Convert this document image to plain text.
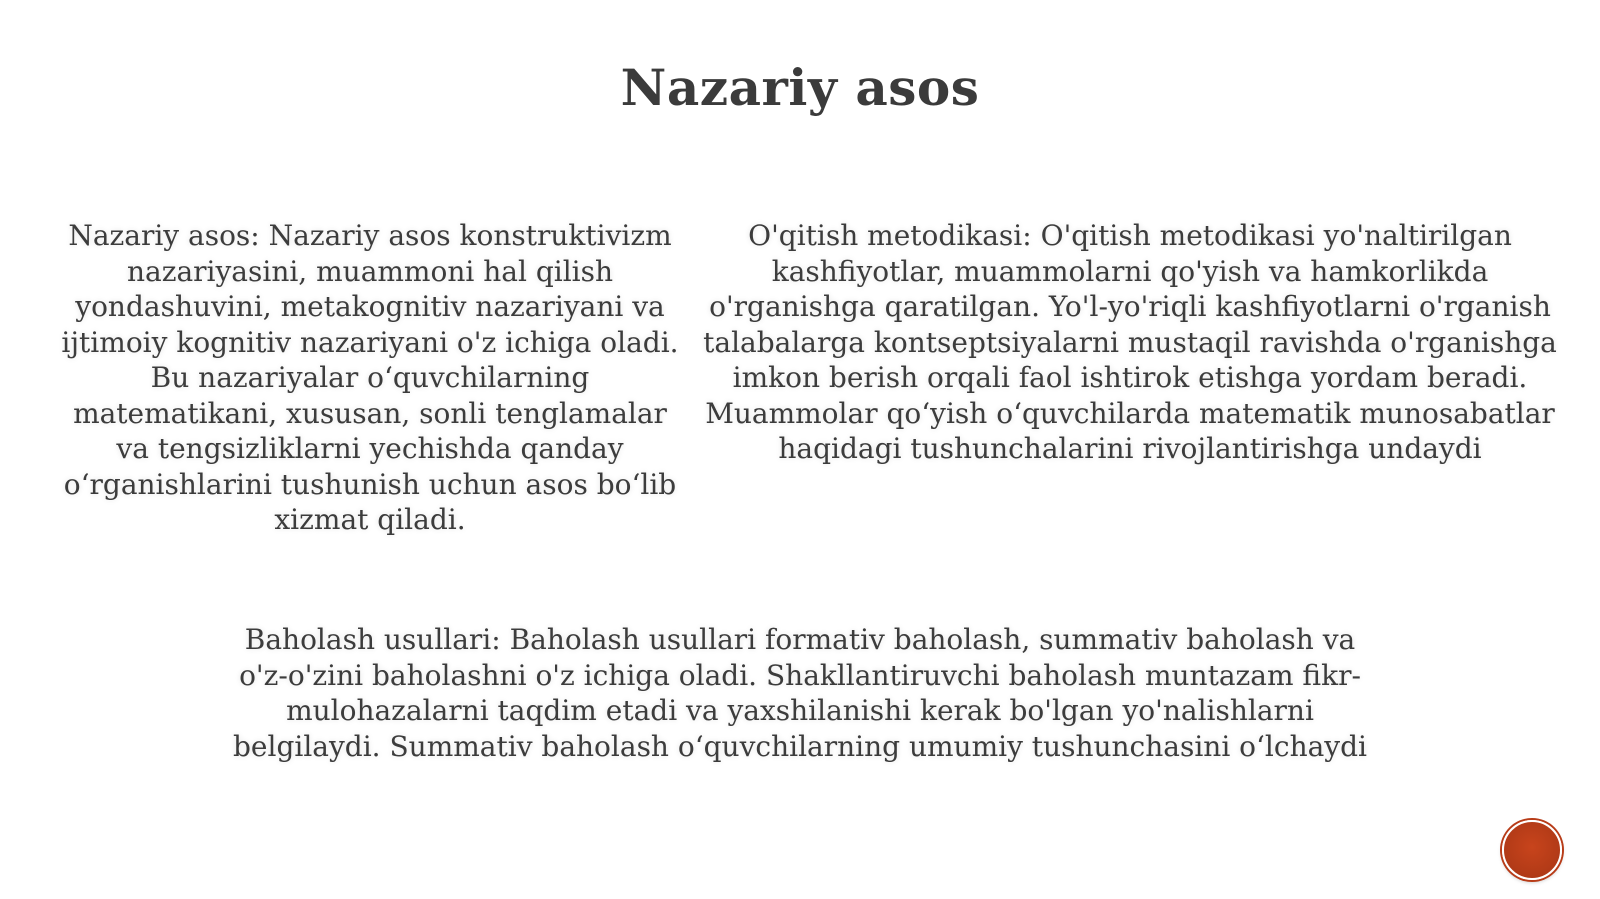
Nazariy asos

Nazariy asos: Nazariy asos konstruktivizm nazariyasini, muammoni hal qilish yondashuvini, metakognitiv nazariyani va ijtimoiy kognitiv nazariyani o'z ichiga oladi. Bu nazariyalar o‘quvchilarning matematikani, xususan, sonli tenglamalar va tengsizliklarni yechishda qanday o‘rganishlarini tushunish uchun asos bo‘lib xizmat qiladi.

O'qitish metodikasi: O'qitish metodikasi yo'naltirilgan kashfiyotlar, muammolarni qo'yish va hamkorlikda o'rganishga qaratilgan. Yo'l-yo'riqli kashfiyotlarni o'rganish talabalarga kontseptsiyalarni mustaqil ravishda o'rganishga imkon berish orqali faol ishtirok etishga yordam beradi. Muammolar qo‘yish o‘quvchilarda matematik munosabatlar haqidagi tushunchalarini rivojlantirishga undaydi

Baholash usullari: Baholash usullari formativ baholash, summativ baholash va o'z-o'zini baholashni o'z ichiga oladi. Shakllantiruvchi baholash muntazam fikr-mulohazalarni taqdim etadi va yaxshilanishi kerak bo'lgan yo'nalishlarni belgilaydi. Summativ baholash o‘quvchilarning umumiy tushunchasini o‘lchaydi
